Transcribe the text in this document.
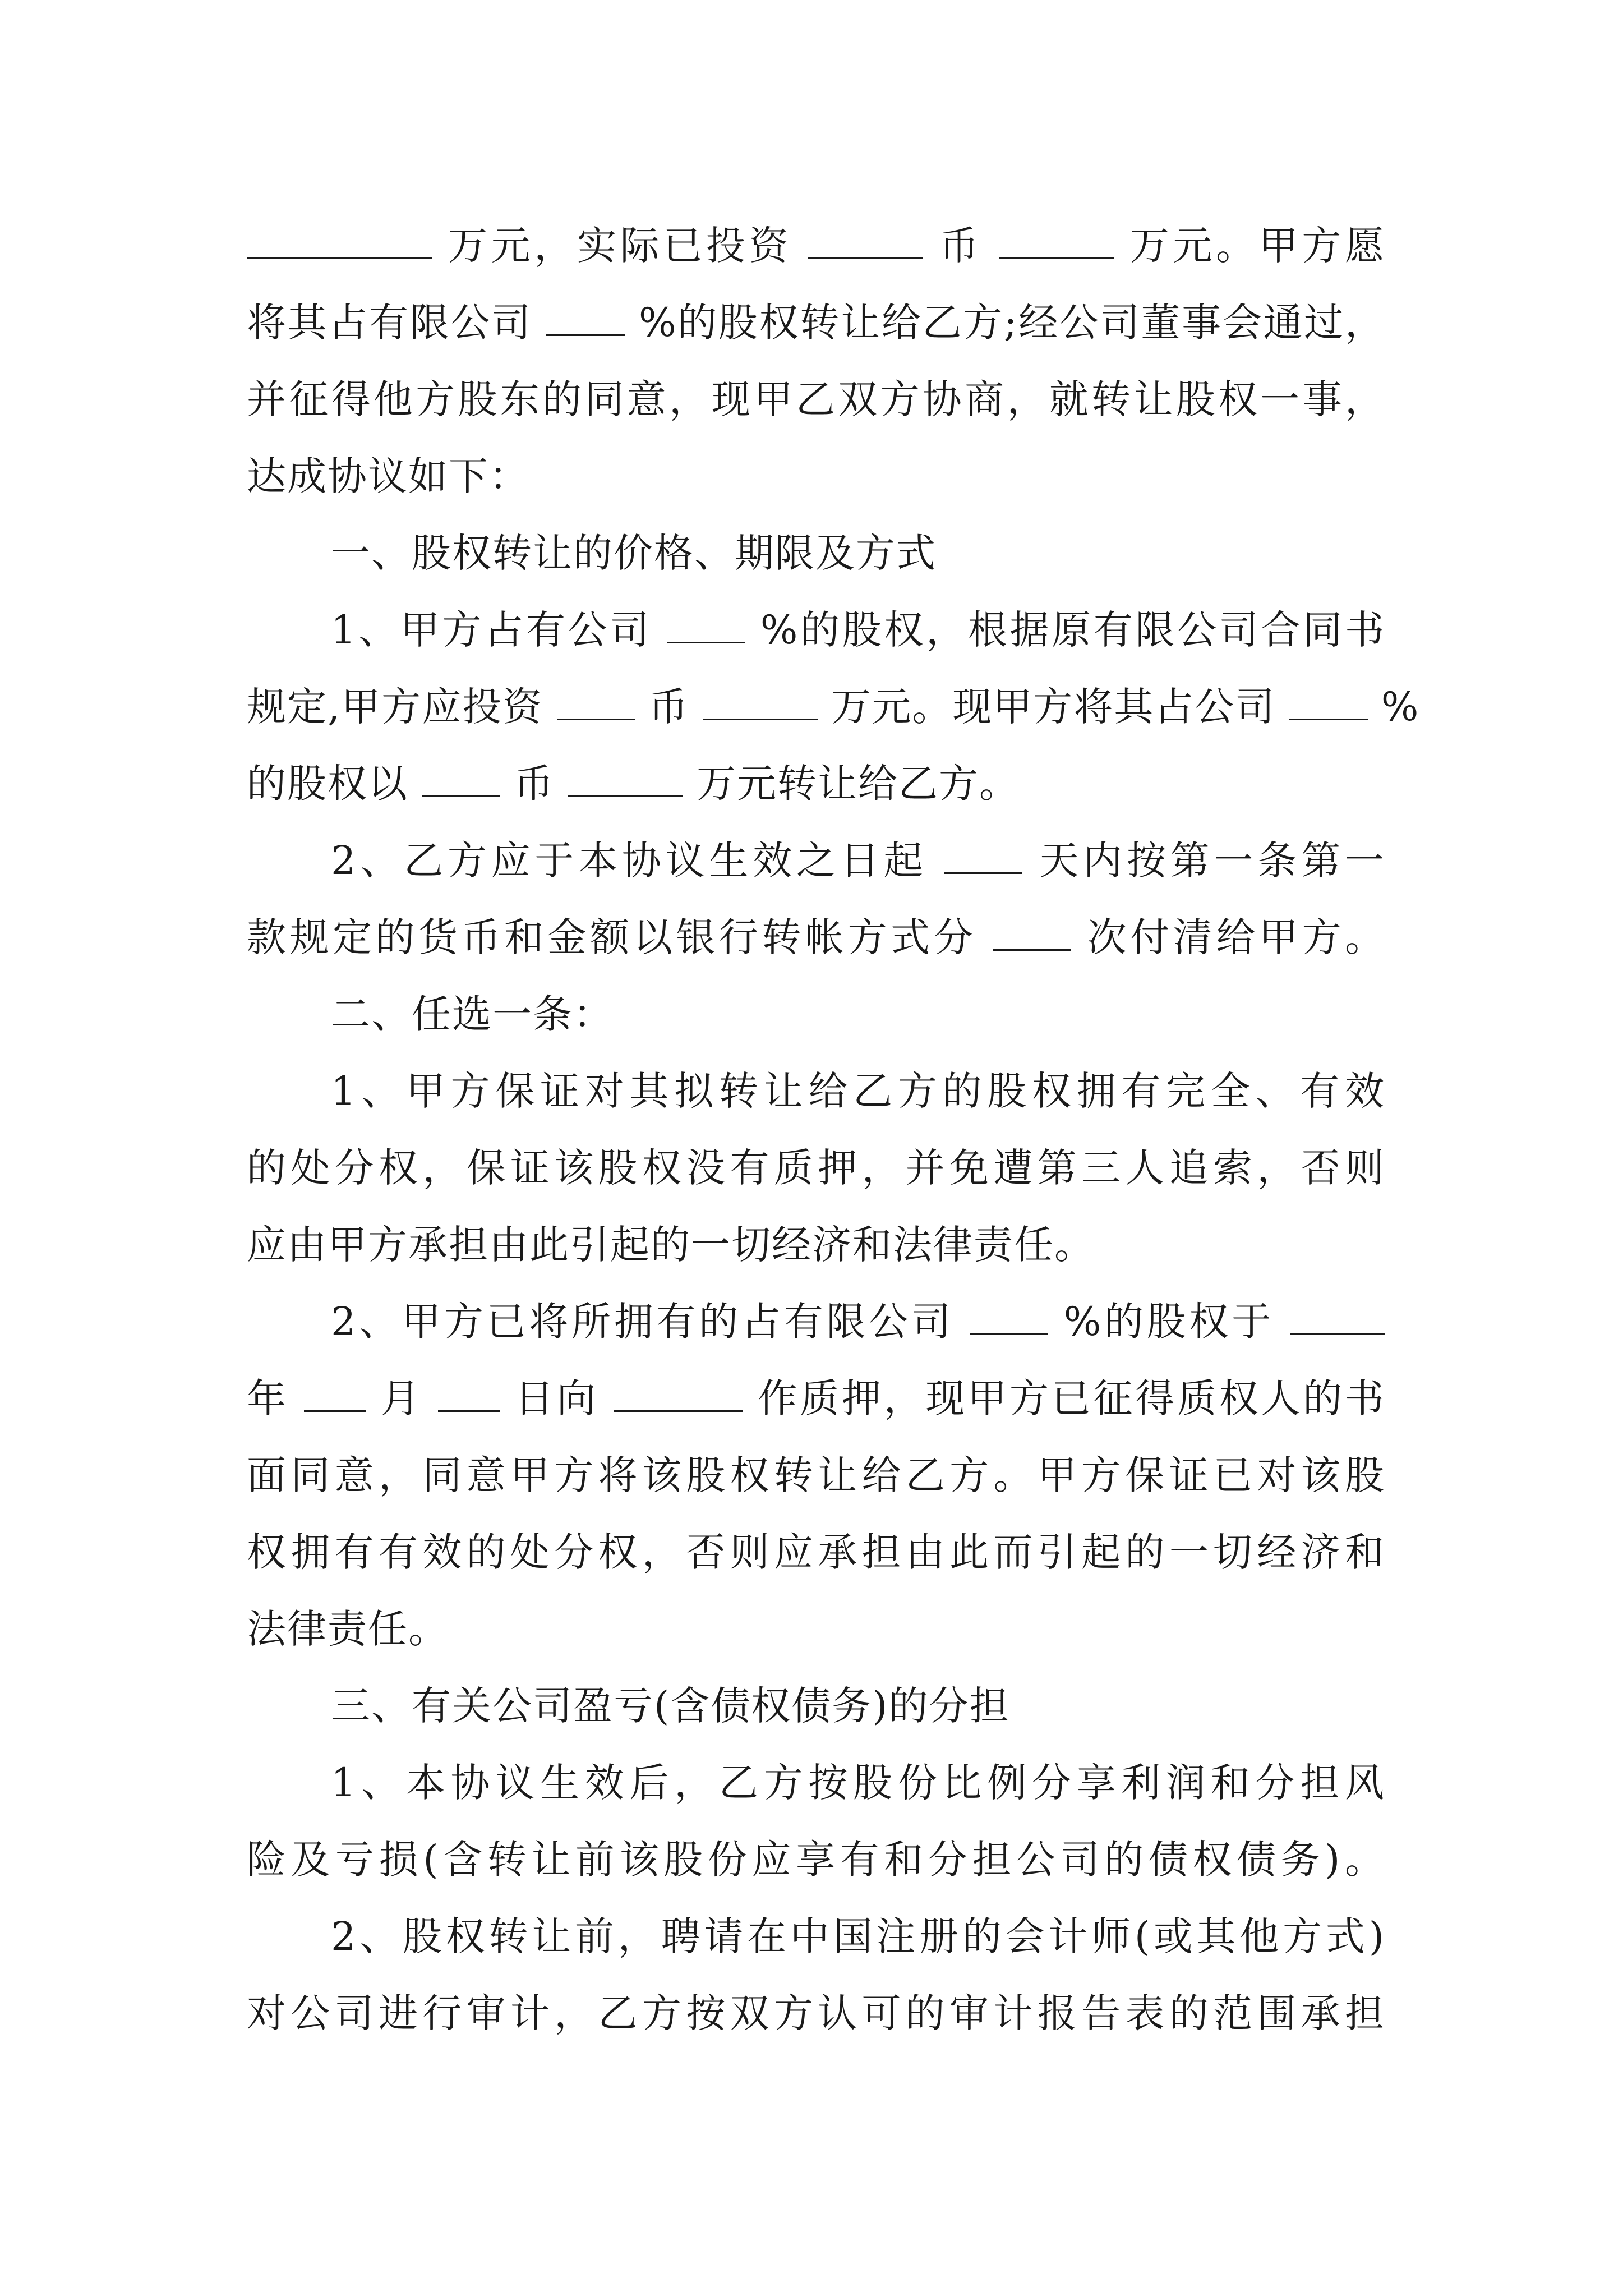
万元，实际已投资	币	万元。甲方愿
将其占有限公司	%的股权转让给乙方;经公司董事会通过，
并征得他方股东的同意，现甲乙双方协商，就转让股权一事，
达成协议如下：
一、股权转让的价格、期限及方式
1、甲方占有公司	%的股权，根据原有限公司合同书
规定,甲方应投资	币	万元。现甲方将其占公司	%
的股权以	币	万元转让给乙方。
2、乙方应于本协议生效之日起	天内按第一条第一
款规定的货币和金额以银行转帐方式分	次付清给甲方。
二、任选一条：
1、甲方保证对其拟转让给乙方的股权拥有完全、有效
的处分权，保证该股权没有质押，并免遭第三人追索，否则
应由甲方承担由此引起的一切经济和法律责任。
2、甲方已将所拥有的占有限公司	%的股权于
年 月 日向	作质押，现甲方已征得质权人的书
面同意，同意甲方将该股权转让给乙方。甲方保证已对该股
权拥有有效的处分权，否则应承担由此而引起的一切经济和
法律责任。
三、有关公司盈亏(含债权债务)的分担
1、本协议生效后，乙方按股份比例分享利润和分担风
险及亏损(含转让前该股份应享有和分担公司的债权债务)。
2、股权转让前，聘请在中国注册的会计师(或其他方式)
对公司进行审计，乙方按双方认可的审计报告表的范围承担
